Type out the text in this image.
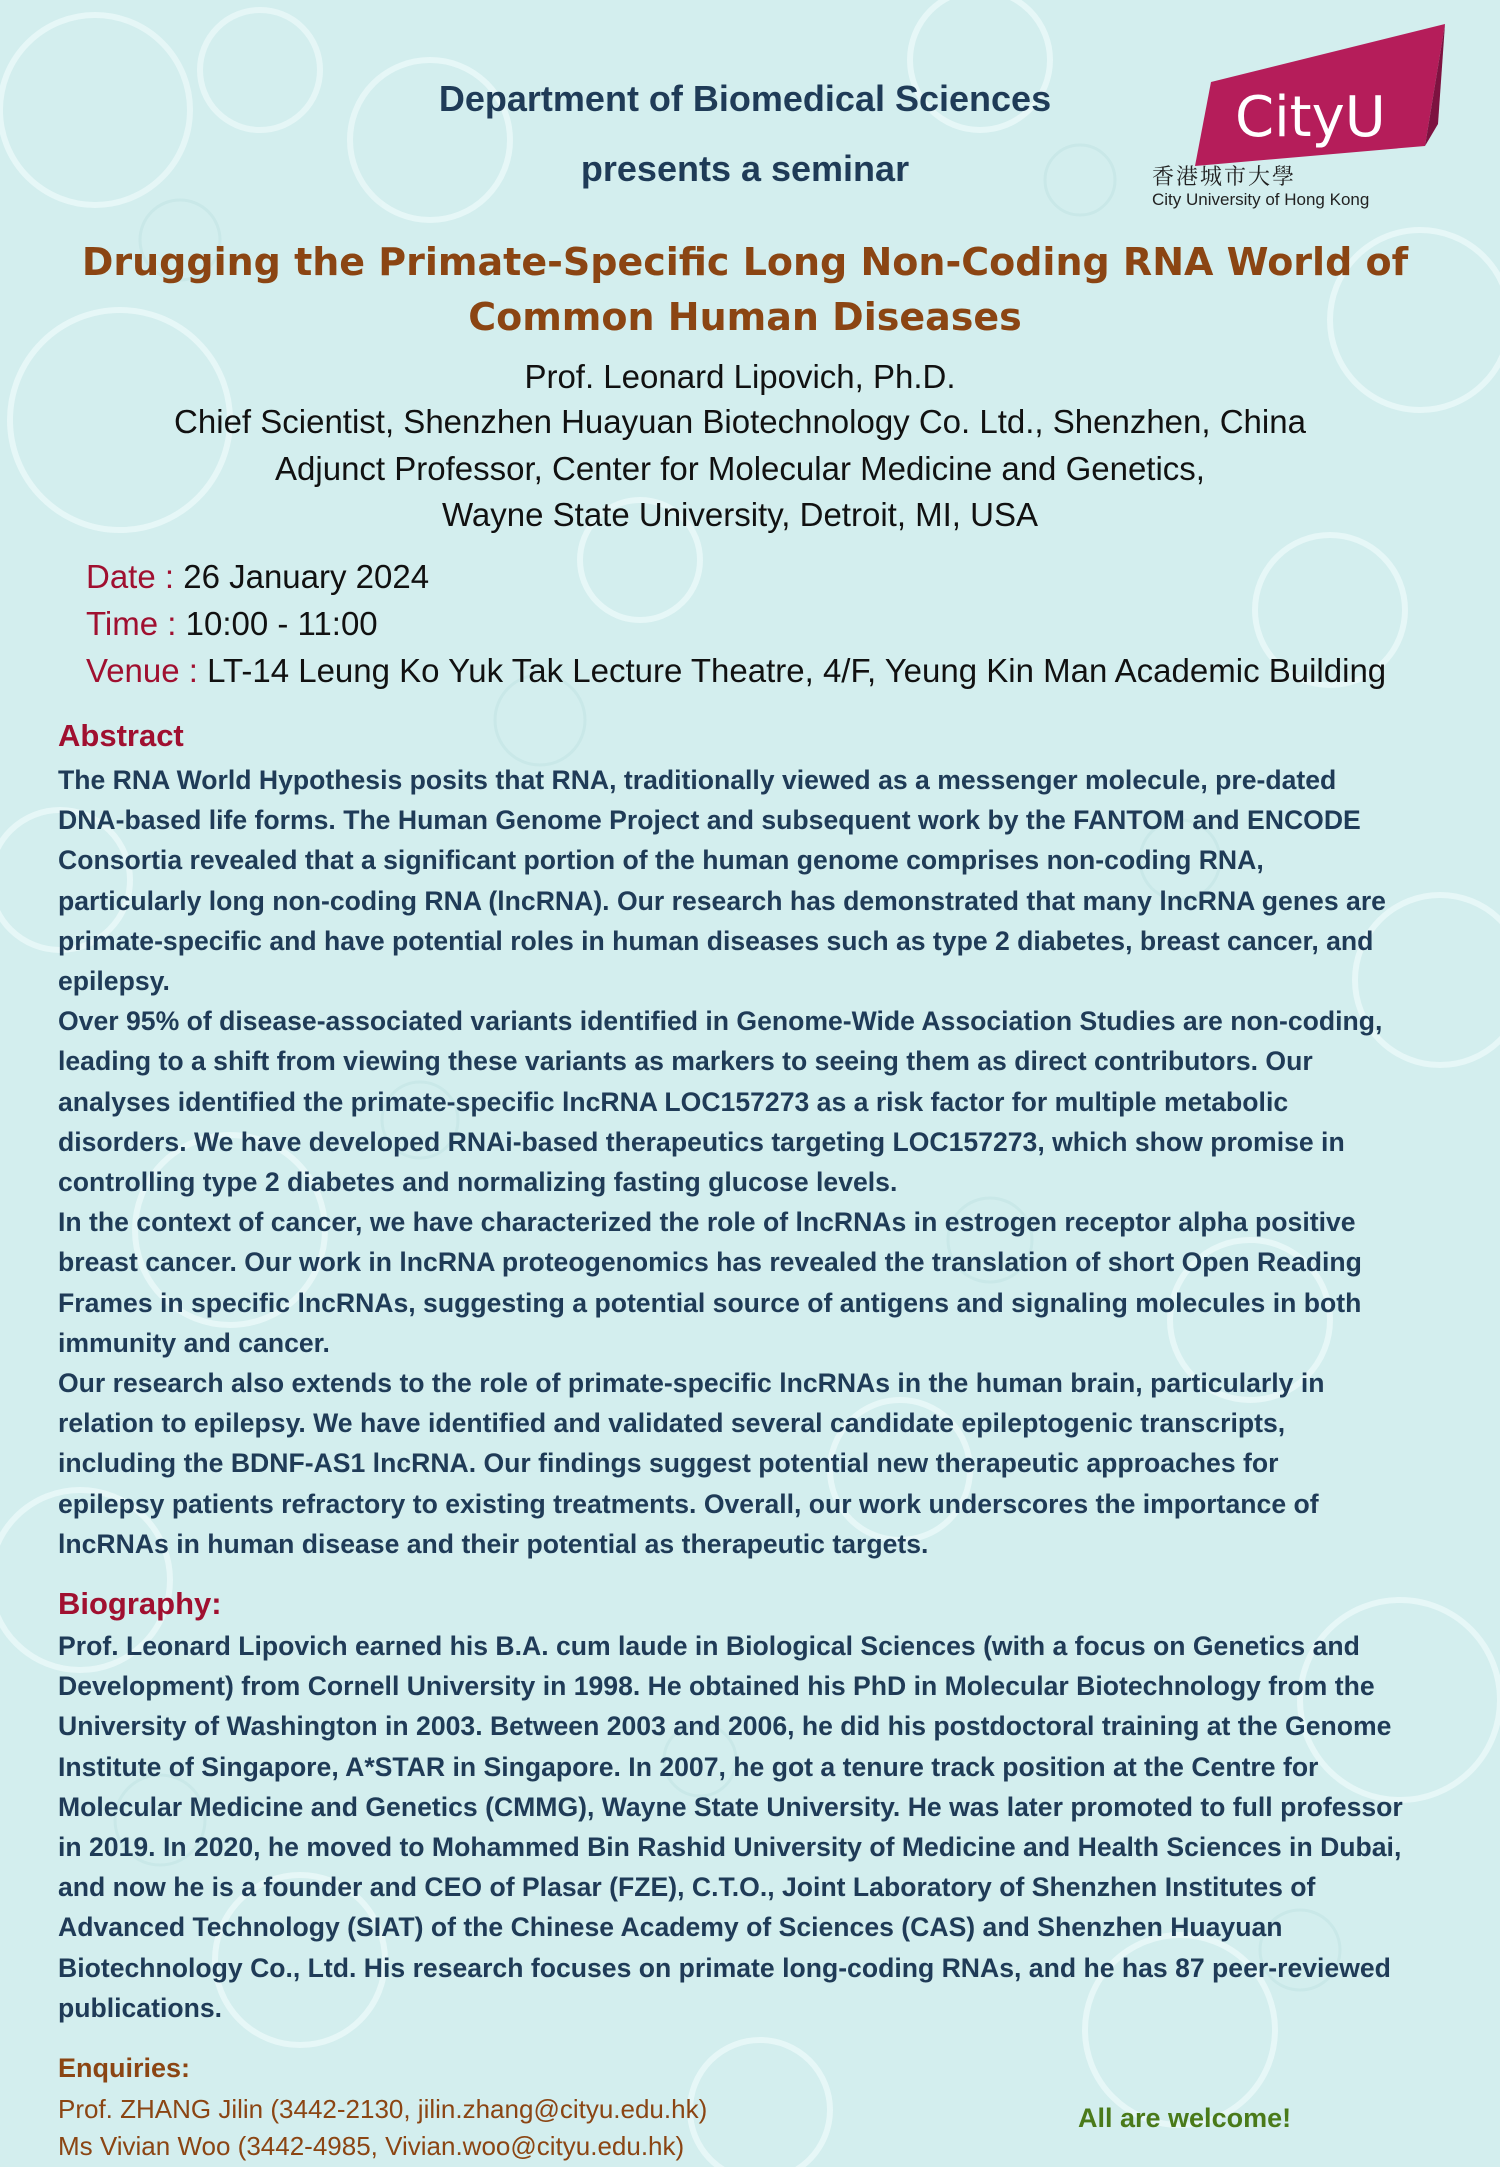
CityU
香港城市大學
City University of Hong Kong
Department of Biomedical Sciences
presents a seminar
Drugging the Primate-Specific Long Non-Coding RNA World of
Common Human Diseases
Prof. Leonard Lipovich, Ph.D.
Chief Scientist, Shenzhen Huayuan Biotechnology Co. Ltd., Shenzhen, China
Adjunct Professor, Center for Molecular Medicine and Genetics,
Wayne State University, Detroit, MI, USA
Date : 26 January 2024
Time : 10:00 - 11:00
Venue : LT-14 Leung Ko Yuk Tak Lecture Theatre, 4/F, Yeung Kin Man Academic Building
Abstract

The RNA World Hypothesis posits that RNA, traditionally viewed as a messenger molecule, pre-dated
DNA-based life forms. The Human Genome Project and subsequent work by the FANTOM and ENCODE
Consortia revealed that a significant portion of the human genome comprises non-coding RNA,
particularly long non-coding RNA (lncRNA). Our research has demonstrated that many lncRNA genes are
primate-specific and have potential roles in human diseases such as type 2 diabetes, breast cancer, and
epilepsy.

Over 95% of disease-associated variants identified in Genome-Wide Association Studies are non-coding,
leading to a shift from viewing these variants as markers to seeing them as direct contributors. Our
analyses identified the primate-specific lncRNA LOC157273 as a risk factor for multiple metabolic
disorders. We have developed RNAi-based therapeutics targeting LOC157273, which show promise in
controlling type 2 diabetes and normalizing fasting glucose levels.

In the context of cancer, we have characterized the role of lncRNAs in estrogen receptor alpha positive
breast cancer. Our work in lncRNA proteogenomics has revealed the translation of short Open Reading
Frames in specific lncRNAs, suggesting a potential source of antigens and signaling molecules in both
immunity and cancer.

Our research also extends to the role of primate-specific lncRNAs in the human brain, particularly in
relation to epilepsy. We have identified and validated several candidate epileptogenic transcripts,
including the BDNF-AS1 lncRNA. Our findings suggest potential new therapeutic approaches for
epilepsy patients refractory to existing treatments. Overall, our work underscores the importance of
lncRNAs in human disease and their potential as therapeutic targets.

Biography:

Prof. Leonard Lipovich earned his B.A. cum laude in Biological Sciences (with a focus on Genetics and
Development) from Cornell University in 1998. He obtained his PhD in Molecular Biotechnology from the
University of Washington in 2003. Between 2003 and 2006, he did his postdoctoral training at the Genome
Institute of Singapore, A*STAR in Singapore. In 2007, he got a tenure track position at the Centre for
Molecular Medicine and Genetics (CMMG), Wayne State University. He was later promoted to full professor
in 2019. In 2020, he moved to Mohammed Bin Rashid University of Medicine and Health Sciences in Dubai,
and now he is a founder and CEO of Plasar (FZE), C.T.O., Joint Laboratory of Shenzhen Institutes of
Advanced Technology (SIAT) of the Chinese Academy of Sciences (CAS) and Shenzhen Huayuan
Biotechnology Co., Ltd. His research focuses on primate long-coding RNAs, and he has 87 peer-reviewed
publications.

Enquiries:
Prof. ZHANG Jilin (3442-2130, jilin.zhang@cityu.edu.hk)
Ms Vivian Woo (3442-4985, Vivian.woo@cityu.edu.hk)
All are welcome!
